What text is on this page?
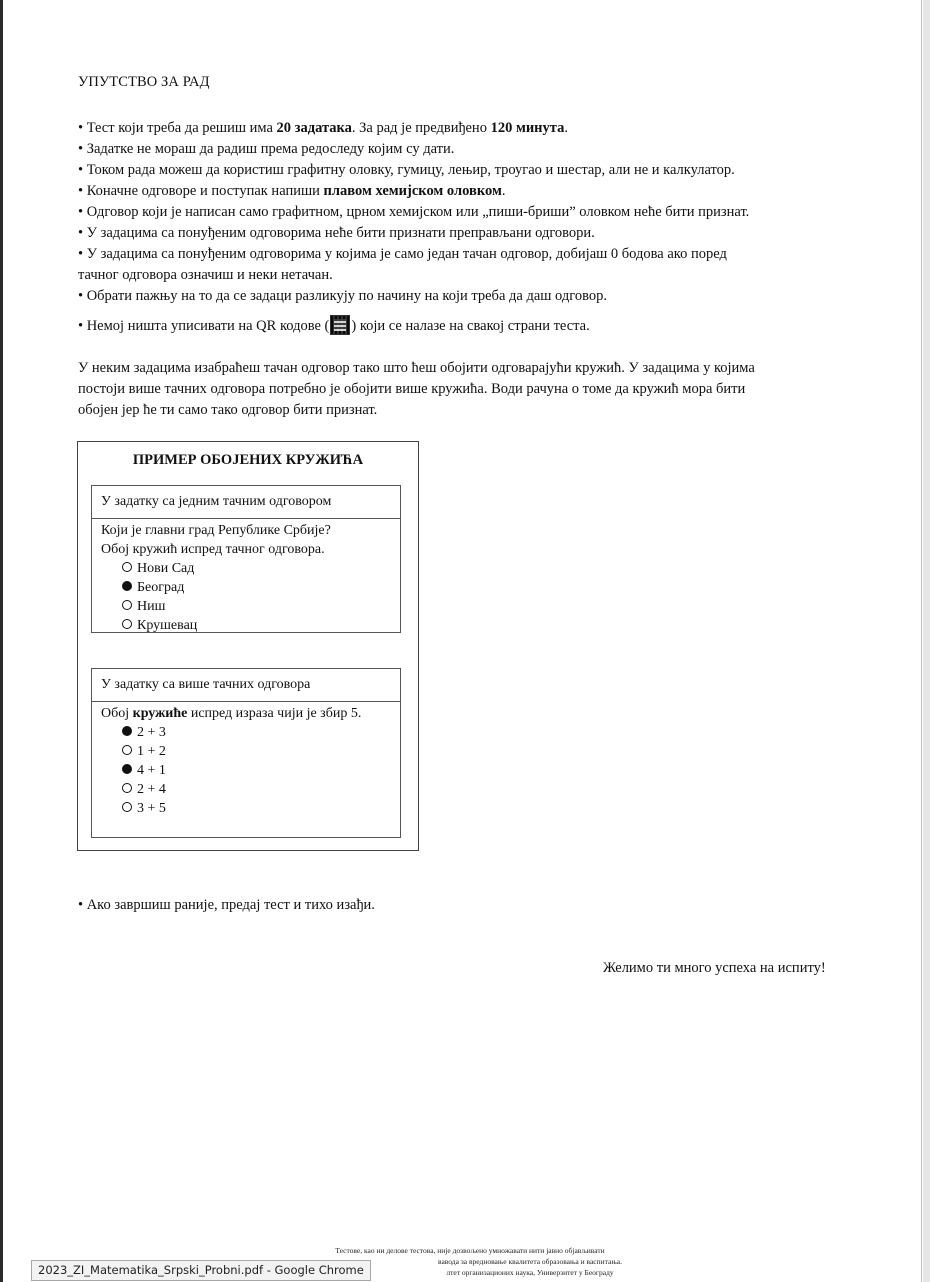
УПУТСТВО ЗА РАД
• Тест који треба да решиш има 20 задатака. За рад је предвиђено 120 минута.
• Задатке не мораш да радиш према редоследу којим су дати.
• Током рада можеш да користиш графитну оловку, гумицу, лењир, троугао и шестар, али не и калкулатор.
• Коначне одговоре и поступак напиши плавом хемијском оловком.
• Одговор који је написан само графитном, црном хемијском или „пиши-бриши” оловком неће бити признат.
• У задацима са понуђеним одговорима неће бити признати преправљани одговори.
• У задацима са понуђеним одговорима у којима је само један тачан одговор, добијаш 0 бодова ако поред
тачног одговора означиш и неки нетачан.
• Обрати пажњу на то да се задаци разликују по начину на који треба да даш одговор.
• Немој ништа уписивати на QR кодове ( ) који се налазе на свакој страни теста.
У неким задацима изабраћеш тачан одговор тако што ћеш обојити одговарајући кружић. У задацима у којима
постоји више тачних одговора потребно је обојити више кружића. Води рачуна о томе да кружић мора бити
обојен јер ће ти само тако одговор бити признат.
ПРИМЕР ОБОЈЕНИХ КРУЖИЋА
У задатку са једним тачним одговором
Који је главни град Републике Србије?
Обој кружић испред тачног одговора.
Нови Сад
Београд
Ниш
Крушевац
У задатку са више тачних одговора
Обој кружиће испред израза чији је збир 5.
2 + 3
1 + 2
4 + 1
2 + 4
3 + 5
• Ако завршиш раније, предај тест и тихо изађи.
Желимо ти много успеха на испиту!
Тестове, као ни делове тестова, није дозвољено умножавати нити јавно објављивати
вавода за вредновање квалитета образовања и васпитања.
лтет организационих наука, Универзитет у Београду
2023_ZI_Matematika_Srpski_Probni.pdf - Google Chrome
